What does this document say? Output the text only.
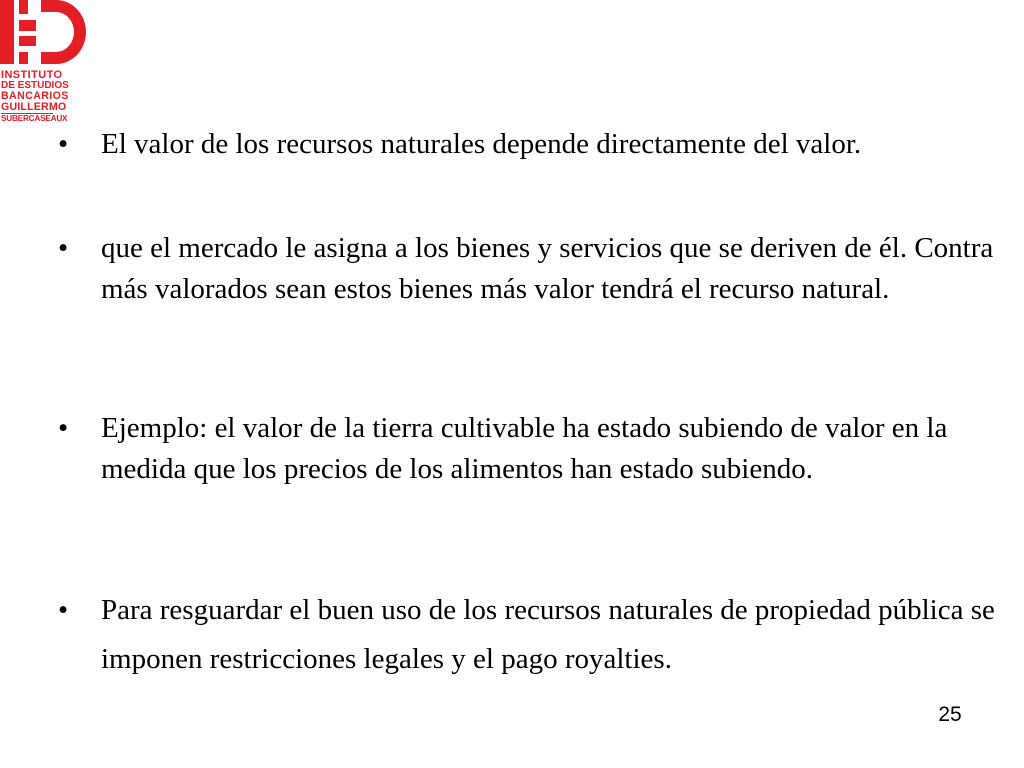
INSTITUTO
DE ESTUDIOS
BANCARIOS
GUILLERMO
SUBERCASEAUX
•	El valor de los recursos naturales depende directamente del valor.
•	que el mercado le asigna a los bienes y servicios que se deriven de él. Contra más valorados sean estos bienes más valor tendrá el recurso natural.
•	Ejemplo: el valor de la tierra cultivable ha estado subiendo de valor en la medida que los precios de los alimentos han estado subiendo.
•	Para resguardar el buen uso de los recursos naturales de propiedad pública se imponen restricciones legales y el pago royalties.
25
